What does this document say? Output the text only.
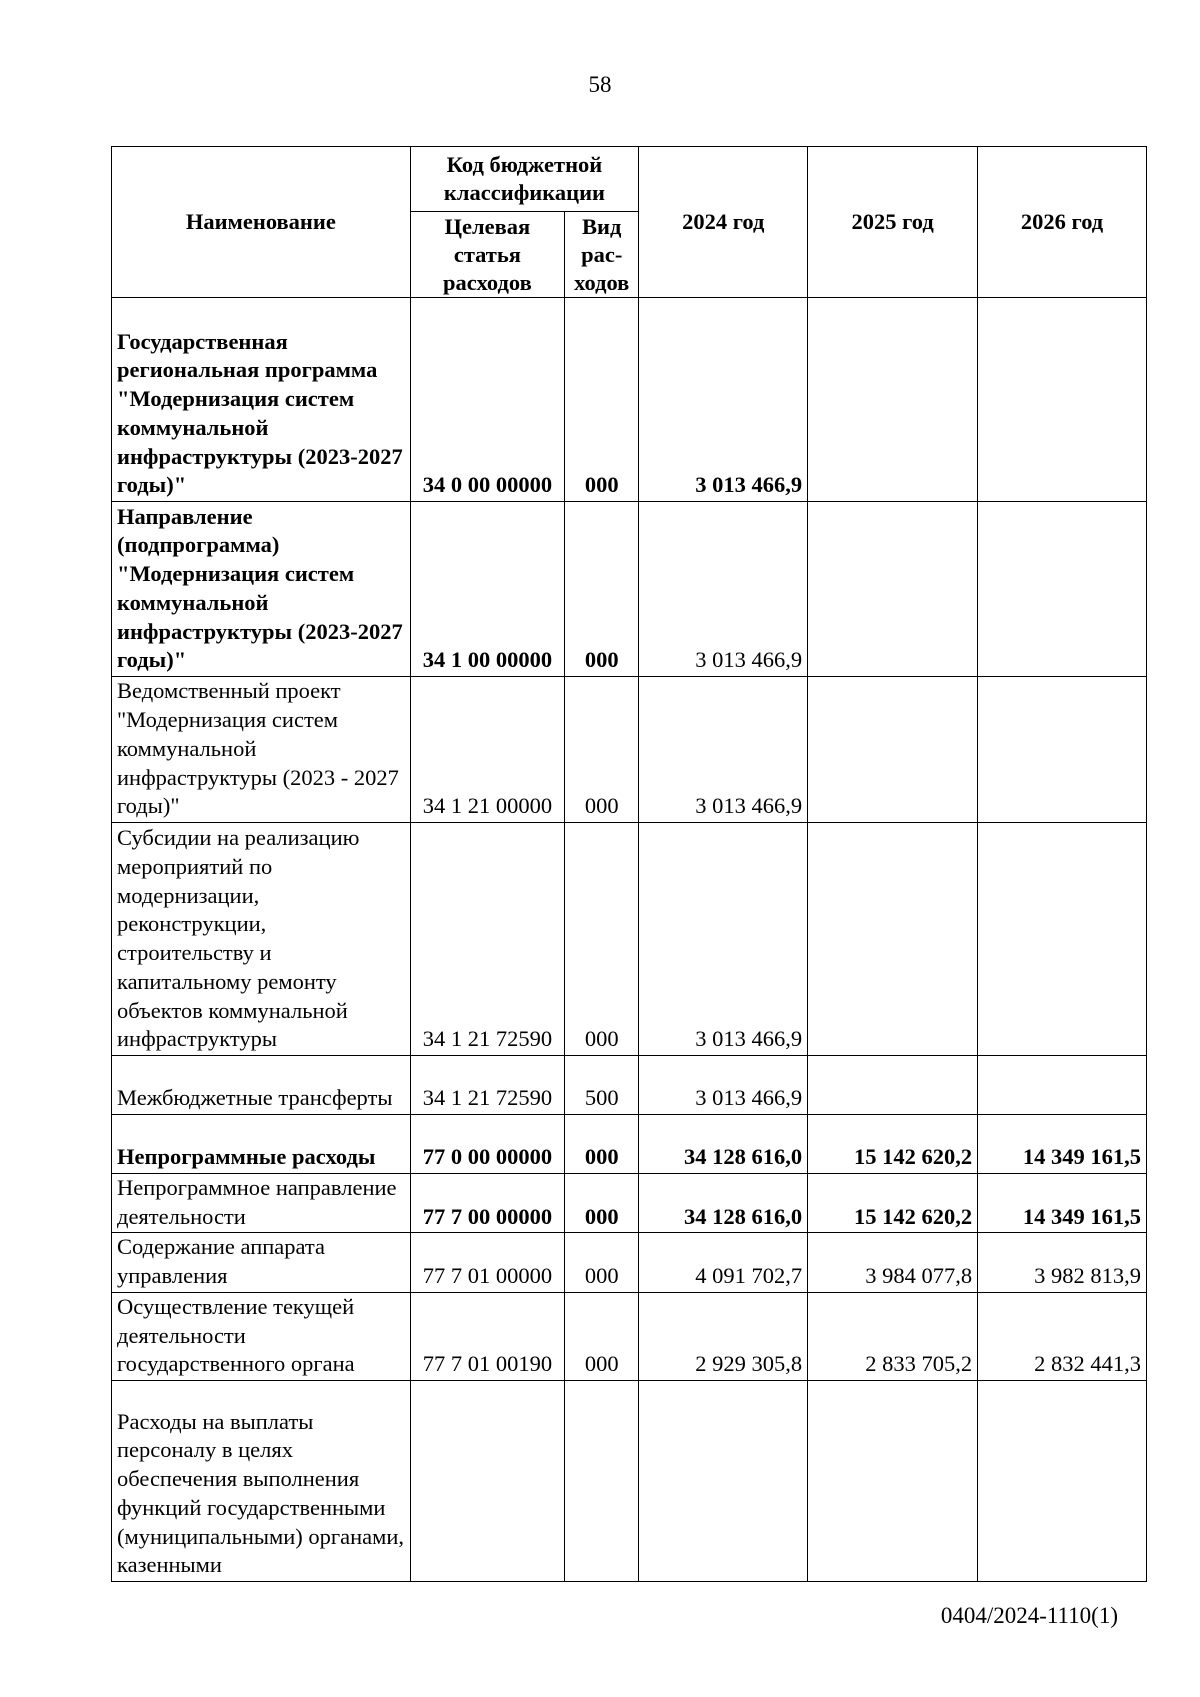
58
Наименование	Код бюджетной классификации		2024 год	2025 год	2026 год
	Целевая статья расходов	Вид рас-ходов			
Государственная региональная программа "Модернизация систем коммунальной инфраструктуры (2023-2027 годы)"	34 0 00 00000	000	3 013 466,9		
Направление (подпрограмма) "Модернизация систем коммунальной инфраструктуры (2023-2027 годы)"	34 1 00 00000	000	3 013 466,9		
Ведомственный проект "Модернизация систем коммунальной инфраструктуры (2023 - 2027 годы)"	34 1 21 00000	000	3 013 466,9		
Субсидии на реализацию мероприятий по модернизации, реконструкции, строительству и капитальному ремонту объектов коммунальной инфраструктуры	34 1 21 72590	000	3 013 466,9		
Межбюджетные трансферты	34 1 21 72590	500	3 013 466,9		
Непрограммные расходы	77 0 00 00000	000	34 128 616,0	15 142 620,2	14 349 161,5
Непрограммное направление деятельности	77 7 00 00000	000	34 128 616,0	15 142 620,2	14 349 161,5
Содержание аппарата управления	77 7 01 00000	000	4 091 702,7	3 984 077,8	3 982 813,9
Осуществление текущей деятельности государственного органа	77 7 01 00190	000	2 929 305,8	2 833 705,2	2 832 441,3
Расходы на выплаты персоналу в целях обеспечения выполнения функций государственными (муниципальными) органами, казенными					
0404/2024-1110(1)
